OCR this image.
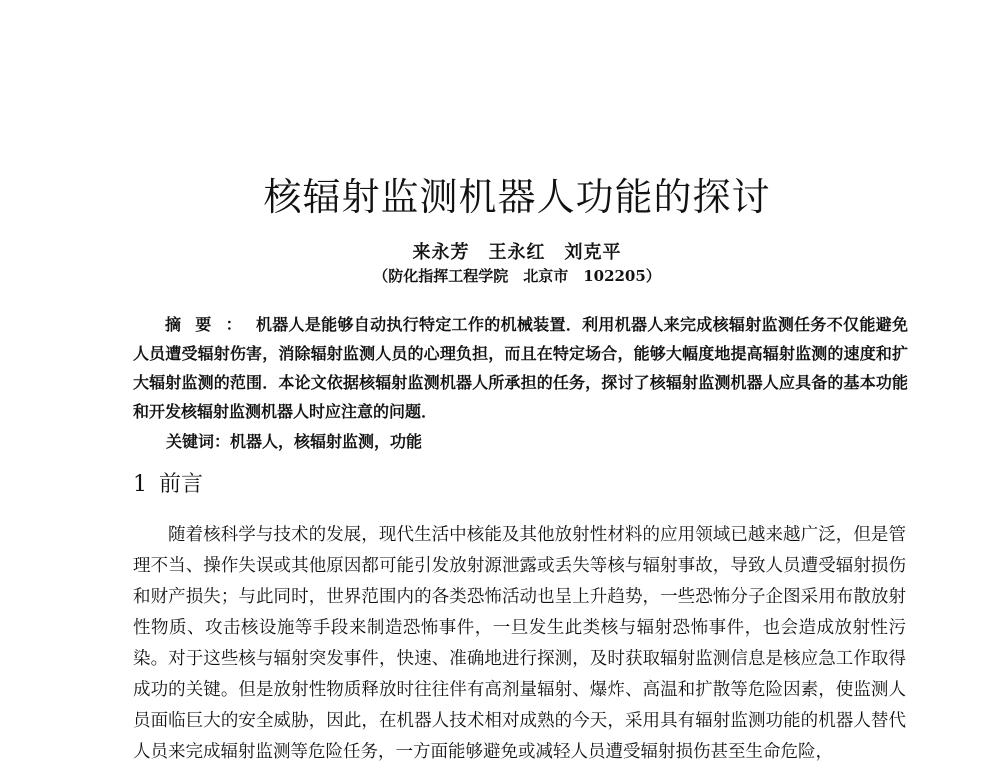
核辐射监测机器人功能的探讨
来永芳　王永红　刘克平
（防化指挥工程学院　北京市　102205）
摘要：机器人是能够自动执行特定工作的机械装置．利用机器人来完成核辐射监测任务不仅能避免人员遭受辐射伤害，消除辐射监测人员的心理负担，而且在特定场合，能够大幅度地提高辐射监测的速度和扩大辐射监测的范围．本论文依据核辐射监测机器人所承担的任务，探讨了核辐射监测机器人应具备的基本功能和开发核辐射监测机器人时应注意的问题．
关键词：机器人，核辐射监测，功能
1 前言

随着核科学与技术的发展，现代生活中核能及其他放射性材料的应用领域已越来越广泛，但是管理不当、操作失误或其他原因都可能引发放射源泄露或丢失等核与辐射事故，导致人员遭受辐射损伤和财产损失；与此同时，世界范围内的各类恐怖活动也呈上升趋势，一些恐怖分子企图采用布散放射性物质、攻击核设施等手段来制造恐怖事件，一旦发生此类核与辐射恐怖事件，也会造成放射性污染。对于这些核与辐射突发事件，快速、准确地进行探测，及时获取辐射监测信息是核应急工作取得成功的关键。但是放射性物质释放时往往伴有高剂量辐射、爆炸、高温和扩散等危险因素，使监测人员面临巨大的安全威胁，因此，在机器人技术相对成熟的今天，采用具有辐射监测功能的机器人替代人员来完成辐射监测等危险任务，一方面能够避免或减轻人员遭受辐射损伤甚至生命危险，
